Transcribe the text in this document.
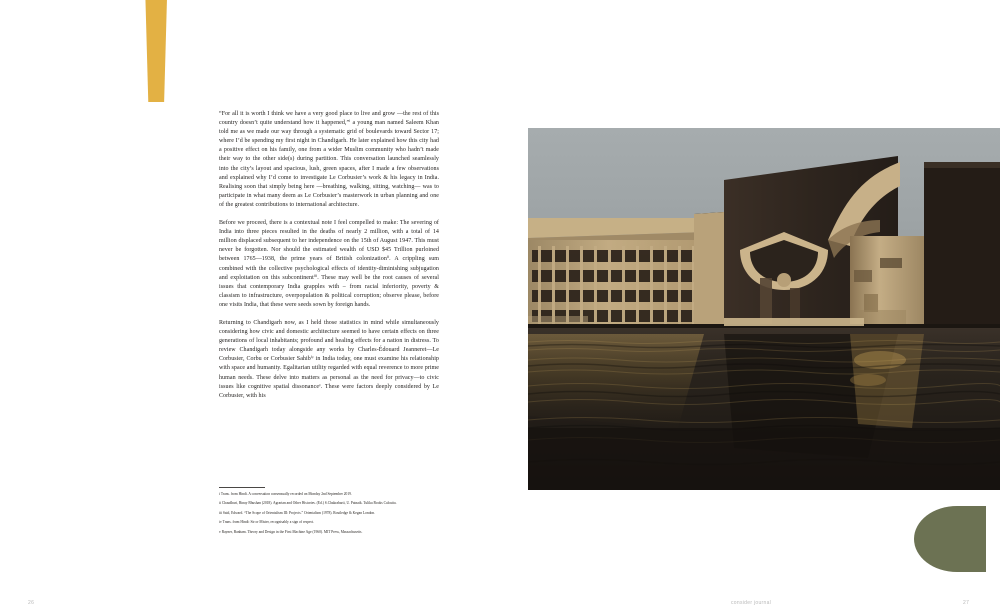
“For all it is worth I think we have a very good place to live and grow —the rest of this country doesn’t quite understand how it happened,”ⁱ a young man named Saleem Khan told me as we made our way through a systematic grid of boulevards toward Sector 17; where I’d be spending my first night in Chandigarh. He later explained how this city had a positive effect on his family, one from a wider Muslim community who hadn’t made their way to the other side(s) during partition. This conversation launched seamlessly into the city’s layout and spacious, lush, green spaces, after I made a few observations and explained why I’d come to investigate Le Corbusier’s work & his legacy in India. Realising soon that simply being here —breathing, walking, sitting, watching— was to participate in what many deem as Le Corbusier’s masterwork in urban planning and one of the greatest contributions to international architecture.

Before we proceed, there is a contextual note I feel compelled to make: The severing of India into three pieces resulted in the deaths of nearly 2 million, with a total of 14 million displaced subsequent to her independence on the 15th of August 1947. This must never be forgotten. Nor should the estimated wealth of USD $45 Trillion purloined between 1765—1938, the prime years of British colonizationⁱⁱ. A crippling sum combined with the collective psychological effects of identity-diminishing subjugation and exploitation on this subcontinentⁱⁱⁱ. These may well be the root causes of several issues that contemporary India grapples with – from racial inferiority, poverty & classism to infrastructure, overpopulation & political corruption; observe please, before one visits India, that these were seeds sown by foreign hands.

Returning to Chandigarh now, as I held those statistics in mind while simultaneously considering how civic and domestic architecture seemed to have certain effects on three generations of local inhabitants; profound and healing effects for a nation in distress. To review Chandigarh today alongside any works by Charles-Édouard Jeanneret—Le Corbusier, Corbu or Corbusier Sahibⁱᵛ in India today, one must examine his relationship with space and humanity. Egalitarian utility regarded with equal reverence to more prime human needs. These delve into matters as personal as the need for privacy—to civic issues like cognitive spatial dissonanceᵛ. These were factors deeply considered by Le Corbusier, with his

i Trans. from Hindi. A conversation consensually recorded on Monday 2nd September 2019.

ii Chaudhuri, Binay Bhushan (2018). Agrarian and Other Histories. (Ed.) S.Chakrabarti, U. Patnaik. Tulika Books Calcutta.

iii Said, Edward. “The Scope of Orientalism III: Projects.” Orientalism (1978). Routledge & Kegan London.

iv Trans. from Hindi: Sir or Mister, recognisably a sign of respect.

v Rayner, Banham. Theory and Design in the First Machine Age (1960). MIT Press, Massachusetts.

26	consider journal	27
